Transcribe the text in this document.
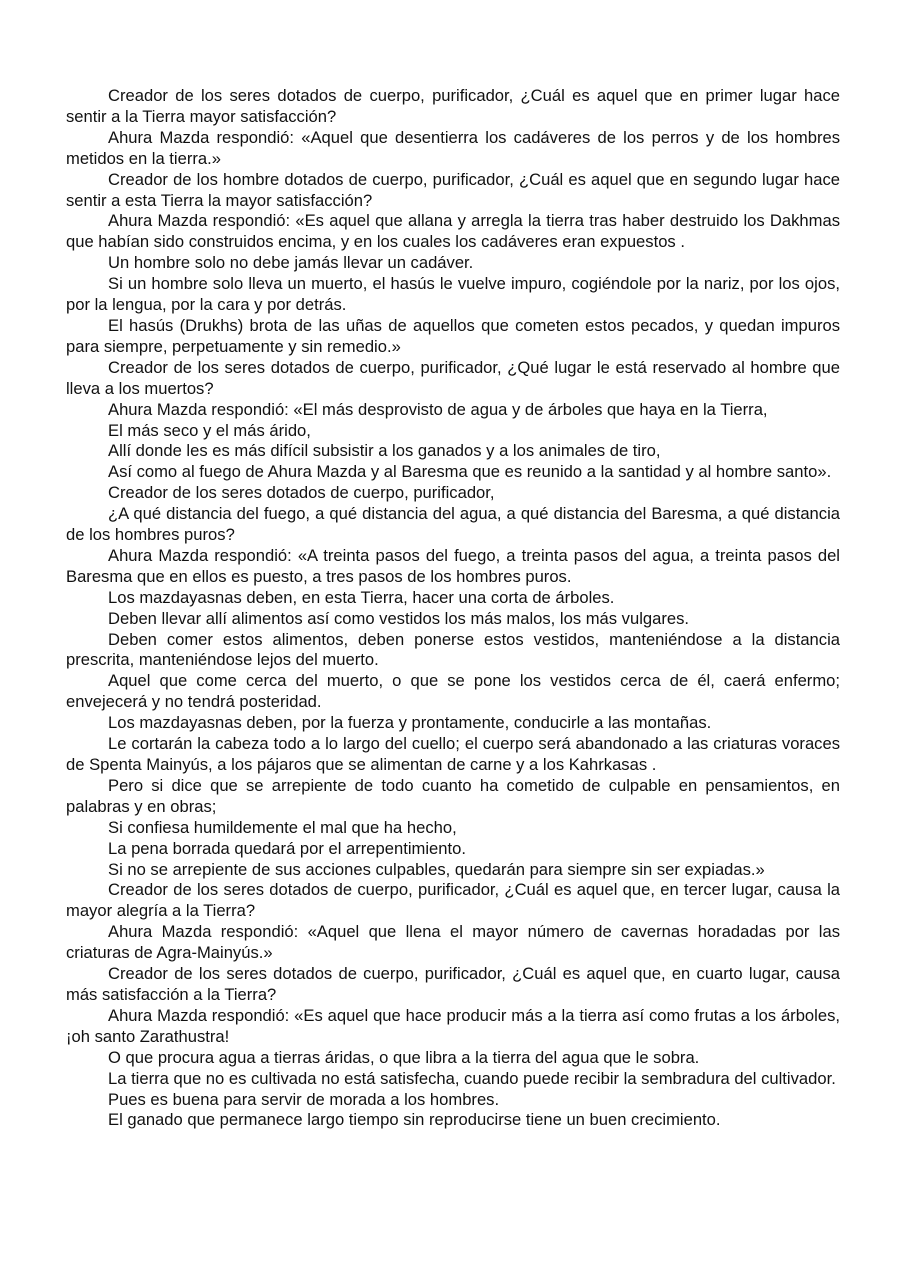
Creador de los seres dotados de cuerpo, purificador, ¿Cuál es aquel que en primer lugar hace sentir a la Tierra mayor satisfacción?

Ahura Mazda respondió: «Aquel que desentierra los cadáveres de los perros y de los hombres metidos en la tierra.»

Creador de los hombre dotados de cuerpo, purificador, ¿Cuál es aquel que en segundo lugar hace sentir a esta Tierra la mayor satisfacción?

Ahura Mazda respondió: «Es aquel que allana y arregla la tierra tras haber destruido los Dakhmas que habían sido construidos encima, y en los cuales los cadáveres eran expuestos .

Un hombre solo no debe jamás llevar un cadáver.

Si un hombre solo lleva un muerto, el hasús le vuelve impuro, cogiéndole por la nariz, por los ojos, por la lengua, por la cara y por detrás.

El hasús (Drukhs) brota de las uñas de aquellos que cometen estos pecados, y quedan impuros para siempre, perpetuamente y sin remedio.»

Creador de los seres dotados de cuerpo, purificador, ¿Qué lugar le está reservado al hombre que lleva a los muertos?

Ahura Mazda respondió: «El más desprovisto de agua y de árboles que haya en la Tierra,

El más seco y el más árido,

Allí donde les es más difícil subsistir a los ganados y a los animales de tiro,

Así como al fuego de Ahura Mazda y al Baresma que es reunido a la santidad y al hombre santo».

Creador de los seres dotados de cuerpo, purificador,

¿A qué distancia del fuego, a qué distancia del agua, a qué distancia del Baresma, a qué distancia de los hombres puros?

Ahura Mazda respondió: «A treinta pasos del fuego, a treinta pasos del agua, a treinta pasos del Baresma que en ellos es puesto, a tres pasos de los hombres puros.

Los mazdayasnas deben, en esta Tierra, hacer una corta de árboles.

Deben llevar allí alimentos así como vestidos los más malos, los más vulgares.

Deben comer estos alimentos, deben ponerse estos vestidos, manteniéndose a la distancia prescrita, manteniéndose lejos del muerto.

Aquel que come cerca del muerto, o que se pone los vestidos cerca de él, caerá enfermo; envejecerá y no tendrá posteridad.

Los mazdayasnas deben, por la fuerza y prontamente, conducirle a las montañas.

Le cortarán la cabeza todo a lo largo del cuello; el cuerpo será abandonado a las criaturas voraces de Spenta Mainyús, a los pájaros que se alimentan de carne y a los Kahrkasas .

Pero si dice que se arrepiente de todo cuanto ha cometido de culpable en pensamientos, en palabras y en obras;

Si confiesa humildemente el mal que ha hecho,

La pena borrada quedará por el arrepentimiento.

Si no se arrepiente de sus acciones culpables, quedarán para siempre sin ser expiadas.»

Creador de los seres dotados de cuerpo, purificador, ¿Cuál es aquel que, en tercer lugar, causa la mayor alegría a la Tierra?

Ahura Mazda respondió: «Aquel que llena el mayor número de cavernas horadadas por las criaturas de Agra-Mainyús.»

Creador de los seres dotados de cuerpo, purificador, ¿Cuál es aquel que, en cuarto lugar, causa más satisfacción a la Tierra?

Ahura Mazda respondió: «Es aquel que hace producir más a la tierra así como frutas a los árboles, ¡oh santo Zarathustra!

O que procura agua a tierras áridas, o que libra a la tierra del agua que le sobra.

La tierra que no es cultivada no está satisfecha, cuando puede recibir la sembradura del cultivador.

Pues es buena para servir de morada a los hombres.

El ganado que permanece largo tiempo sin reproducirse tiene un buen crecimiento.
